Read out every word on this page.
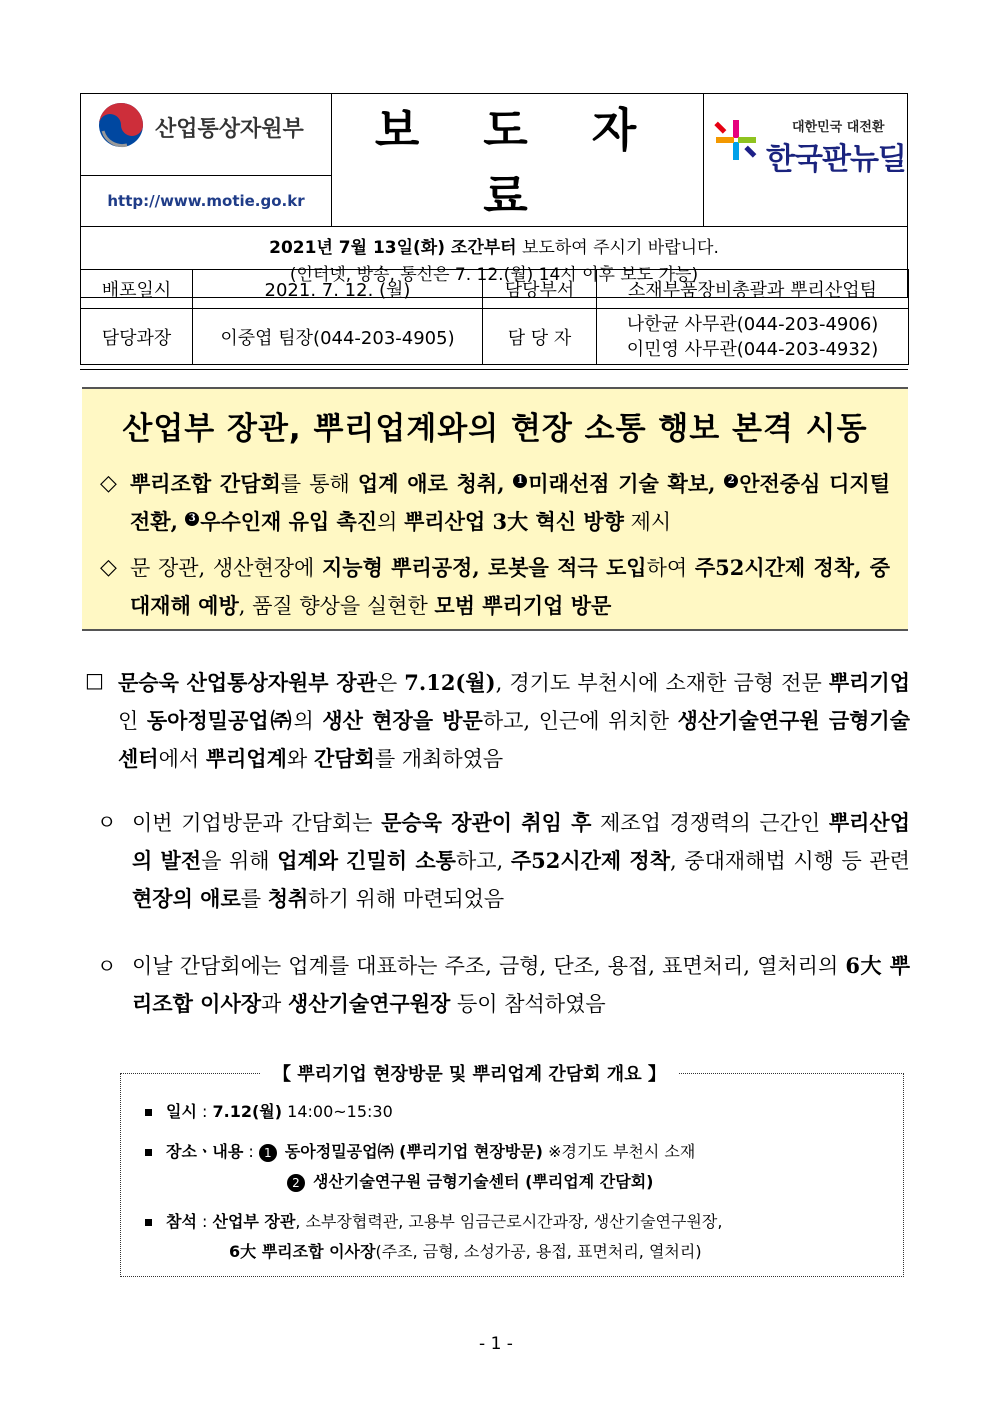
산업통상자원부	보 도 자 료	
대한민국 대전환
한국판뉴딜

http://www.motie.go.kr

2021년 7월 13일(화) 조간부터 보도하여 주시기 바랍니다.
(인터넷, 방송, 통신은 7. 12.(월) 14시 이후 보도 가능)
배포일시	2021. 7. 12. (월)	담당부서	소재부품장비총괄과 뿌리산업팀
담당과장	이중엽 팀장(044-203-4905)	담 당 자	나한균 사무관(044-203-4906)
이민영 사무관(044-203-4932)
산업부 장관, 뿌리업계와의 현장 소통 행보 본격 시동
◇ 뿌리조합 간담회를 통해 업계 애로 청취, 1 미래선점 기술 확보, 2 안전중심 디지털 전환, 3 우수인재 유입 촉진의 뿌리산업 3大 혁신 방향 제시
◇ 문 장관, 생산현장에 지능형 뿌리공정, 로봇을 적극 도입하여 주52시간제 정착, 중대재해 예방, 품질 향상을 실현한 모범 뿌리기업 방문
□ 문승욱 산업통상자원부 장관은 7.12(월), 경기도 부천시에 소재한 금형 전문 뿌리기업인 동아정밀공업㈜의 생산 현장을 방문하고, 인근에 위치한 생산기술연구원 금형기술센터에서 뿌리업계와 간담회를 개최하였음
ㅇ 이번 기업방문과 간담회는 문승욱 장관이 취임 후 제조업 경쟁력의 근간인 뿌리산업의 발전을 위해 업계와 긴밀히 소통하고, 주52시간제 정착, 중대재해법 시행 등 관련 현장의 애로를 청취하기 위해 마련되었음
ㅇ 이날 간담회에는 업계를 대표하는 주조, 금형, 단조, 용접, 표면처리, 열처리의 6大 뿌리조합 이사장과 생산기술연구원장 등이 참석하였음
【 뿌리기업 현장방문 및 뿌리업계 간담회 개요 】
일시 : 7.12(월) 14:00~15:30
장소ㆍ내용 : 1 동아정밀공업㈜ (뿌리기업 현장방문) ※경기도 부천시 소재
2 생산기술연구원 금형기술센터 (뿌리업계 간담회)
참석 : 산업부 장관, 소부장협력관, 고용부 임금근로시간과장, 생산기술연구원장,
6大 뿌리조합 이사장(주조, 금형, 소성가공, 용접, 표면처리, 열처리)
- 1 -
